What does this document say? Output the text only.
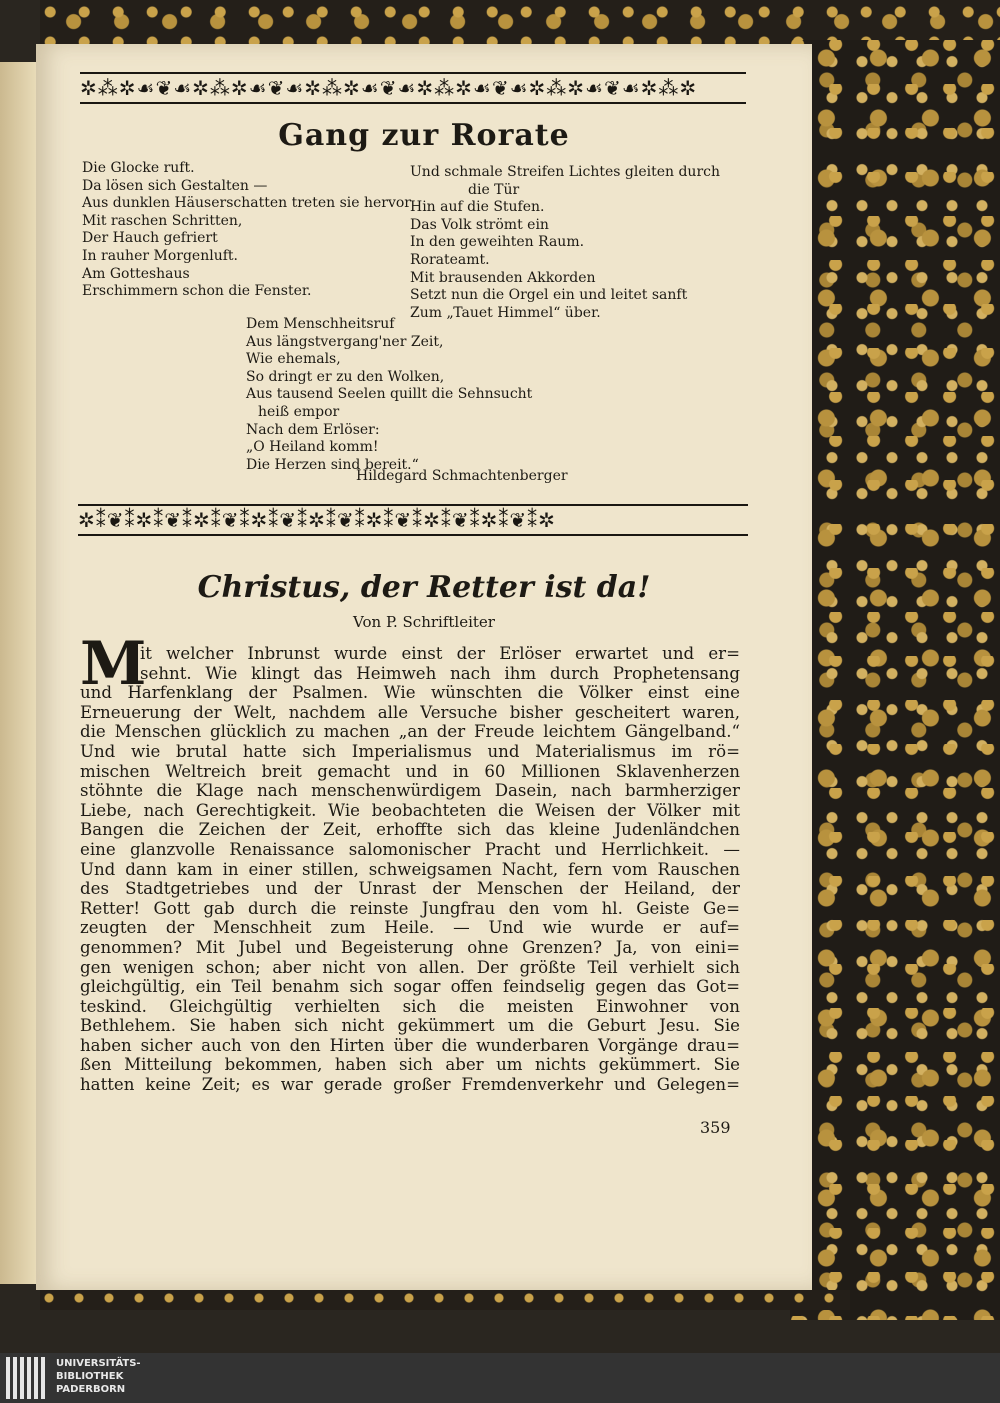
✲⁂✲☙❦☙✲⁂✲☙❦☙✲⁂✲☙❦☙✲⁂✲☙❦☙✲⁂✲☙❦☙✲⁂✲
Gang zur Rorate
Die Glocke ruft.
Da lösen sich Gestalten —
Aus dunklen Häuserschatten treten sie hervor
Mit raschen Schritten,
Der Hauch gefriert
In rauher Morgenluft.
Am Gotteshaus
Erschimmern schon die Fenster.
Und schmale Streifen Lichtes gleiten durch
die Tür
Hin auf die Stufen.
Das Volk strömt ein
In den geweihten Raum.
Rorateamt.
Mit brausenden Akkorden
Setzt nun die Orgel ein und leitet sanft
Zum „Tauet Himmel“ über.
Dem Menschheitsruf
Aus längstvergang'ner Zeit,
Wie ehemals,
So dringt er zu den Wolken,
Aus tausend Seelen quillt die Sehnsucht
heiß empor
Nach dem Erlöser:
„O Heiland komm!
Die Herzen sind bereit.“
Hildegard Schmachtenberger
✲⁑❦⁑✲⁑❦⁑✲⁑❦⁑✲⁑❦⁑✲⁑❦⁑✲⁑❦⁑✲⁑❦⁑✲⁑❦⁑✲
Christus, der Retter ist da!
Von P. Schriftleiter
M
it welcher Inbrunst wurde einst der Erlöser erwartet und er=
sehnt. Wie klingt das Heimweh nach ihm durch Prophetensang
und Harfenklang der Psalmen. Wie wünschten die Völker einst eine
Erneuerung der Welt, nachdem alle Versuche bisher gescheitert waren,
die Menschen glücklich zu machen „an der Freude leichtem Gängelband.“
Und wie brutal hatte sich Imperialismus und Materialismus im rö=
mischen Weltreich breit gemacht und in 60 Millionen Sklavenherzen
stöhnte die Klage nach menschenwürdigem Dasein, nach barmherziger
Liebe, nach Gerechtigkeit. Wie beobachteten die Weisen der Völker mit
Bangen die Zeichen der Zeit, erhoffte sich das kleine Judenländchen
eine glanzvolle Renaissance salomonischer Pracht und Herrlichkeit. —
Und dann kam in einer stillen, schweigsamen Nacht, fern vom Rauschen
des Stadtgetriebes und der Unrast der Menschen der Heiland, der
Retter! Gott gab durch die reinste Jungfrau den vom hl. Geiste Ge=
zeugten der Menschheit zum Heile. — Und wie wurde er auf=
genommen? Mit Jubel und Begeisterung ohne Grenzen? Ja, von eini=
gen wenigen schon; aber nicht von allen. Der größte Teil verhielt sich
gleichgültig, ein Teil benahm sich sogar offen feindselig gegen das Got=
teskind. Gleichgültig verhielten sich die meisten Einwohner von
Bethlehem. Sie haben sich nicht gekümmert um die Geburt Jesu. Sie
haben sicher auch von den Hirten über die wunderbaren Vorgänge drau=
ßen Mitteilung bekommen, haben sich aber um nichts gekümmert. Sie
hatten keine Zeit; es war gerade großer Fremdenverkehr und Gelegen=
359
UNIVERSITÄTS-
BIBLIOTHEK
PADERBORN
